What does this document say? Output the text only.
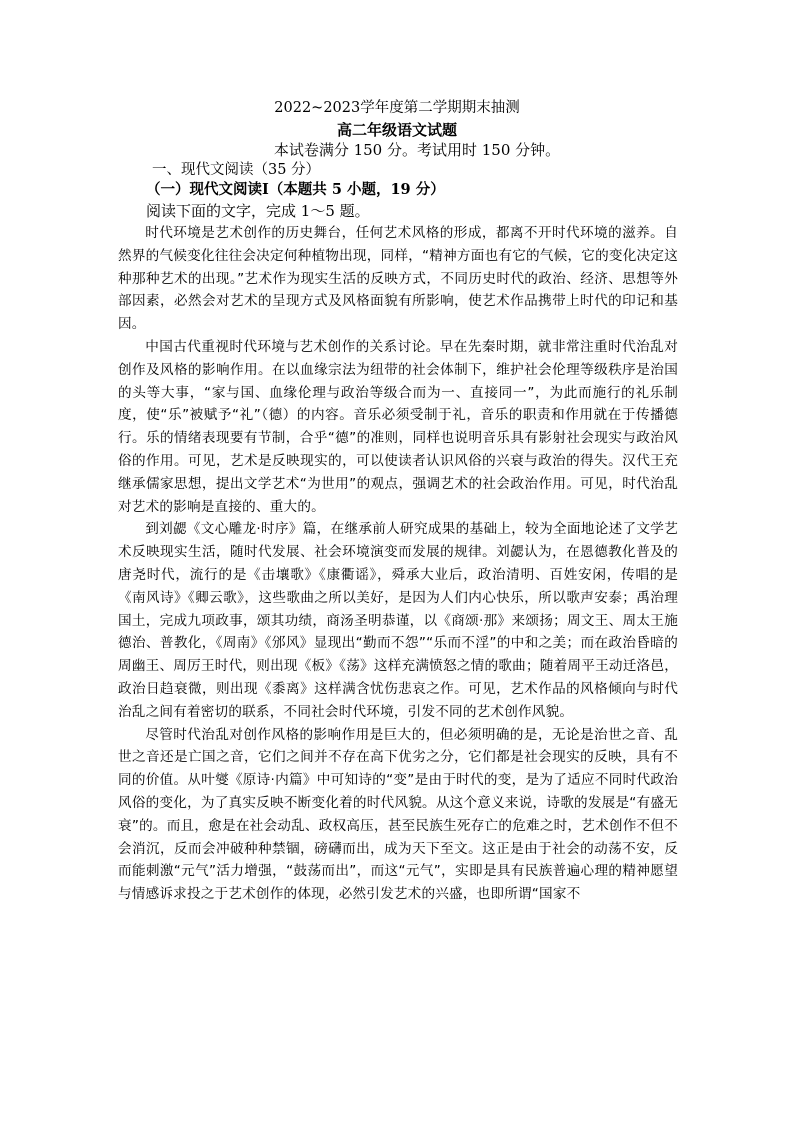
2022~2023学年度第二学期期末抽测
高二年级语文试题
本试卷满分 150 分。考试用时 150 分钟。
一、现代文阅读（35 分）
（一）现代文阅读Ⅰ（本题共 5 小题，19 分）
阅读下面的文字，完成 1～5 题。

时代环境是艺术创作的历史舞台，任何艺术风格的形成，都离不开时代环境的滋养。自然界的气候变化往往会决定何种植物出现，同样，“精神方面也有它的气候，它的变化决定这种那种艺术的出现。”艺术作为现实生活的反映方式，不同历史时代的政治、经济、思想等外部因素，必然会对艺术的呈现方式及风格面貌有所影响，使艺术作品携带上时代的印记和基因。

中国古代重视时代环境与艺术创作的关系讨论。早在先秦时期，就非常注重时代治乱对创作及风格的影响作用。在以血缘宗法为纽带的社会体制下，维护社会伦理等级秩序是治国的头等大事，“家与国、血缘伦理与政治等级合而为一、直接同一”，为此而施行的礼乐制度，使“乐”被赋予“礼”（德）的内容。音乐必须受制于礼，音乐的职责和作用就在于传播德行。乐的情绪表现要有节制，合乎“德”的准则，同样也说明音乐具有影射社会现实与政治风俗的作用。可见，艺术是反映现实的，可以使读者认识风俗的兴衰与政治的得失。汉代王充继承儒家思想，提出文学艺术“为世用”的观点，强调艺术的社会政治作用。可见，时代治乱对艺术的影响是直接的、重大的。

到刘勰《文心雕龙·时序》篇，在继承前人研究成果的基础上，较为全面地论述了文学艺术反映现实生活，随时代发展、社会环境演变而发展的规律。刘勰认为，在恩德教化普及的唐尧时代，流行的是《击壤歌》《康衢谣》，舜承大业后，政治清明、百姓安闲，传唱的是《南风诗》《卿云歌》，这些歌曲之所以美好，是因为人们内心快乐，所以歌声安泰；禹治理国土，完成九项政事，颂其功绩，商汤圣明恭谨，以《商颂·那》来颂扬；周文王、周太王施德治、普教化，《周南》《邠风》显现出“勤而不怨”“乐而不淫”的中和之美；而在政治昏暗的周幽王、周厉王时代，则出现《板》《荡》这样充满愤怒之情的歌曲；随着周平王动迁洛邑，政治日趋衰微，则出现《黍离》这样满含忧伤悲哀之作。可见，艺术作品的风格倾向与时代治乱之间有着密切的联系，不同社会时代环境，引发不同的艺术创作风貌。

尽管时代治乱对创作风格的影响作用是巨大的，但必须明确的是，无论是治世之音、乱世之音还是亡国之音，它们之间并不存在高下优劣之分，它们都是社会现实的反映，具有不同的价值。从叶燮《原诗·内篇》中可知诗的“变”是由于时代的变，是为了适应不同时代政治风俗的变化，为了真实反映不断变化着的时代风貌。从这个意义来说，诗歌的发展是“有盛无衰”的。而且，愈是在社会动乱、政权高压，甚至民族生死存亡的危难之时，艺术创作不但不会消沉，反而会冲破种种禁锢，磅礴而出，成为天下至文。这正是由于社会的动荡不安，反而能刺激“元气”活力增强，“鼓荡而出”，而这“元气”，实即是具有民族普遍心理的精神愿望与情感诉求投之于艺术创作的体现，必然引发艺术的兴盛，也即所谓“国家不
